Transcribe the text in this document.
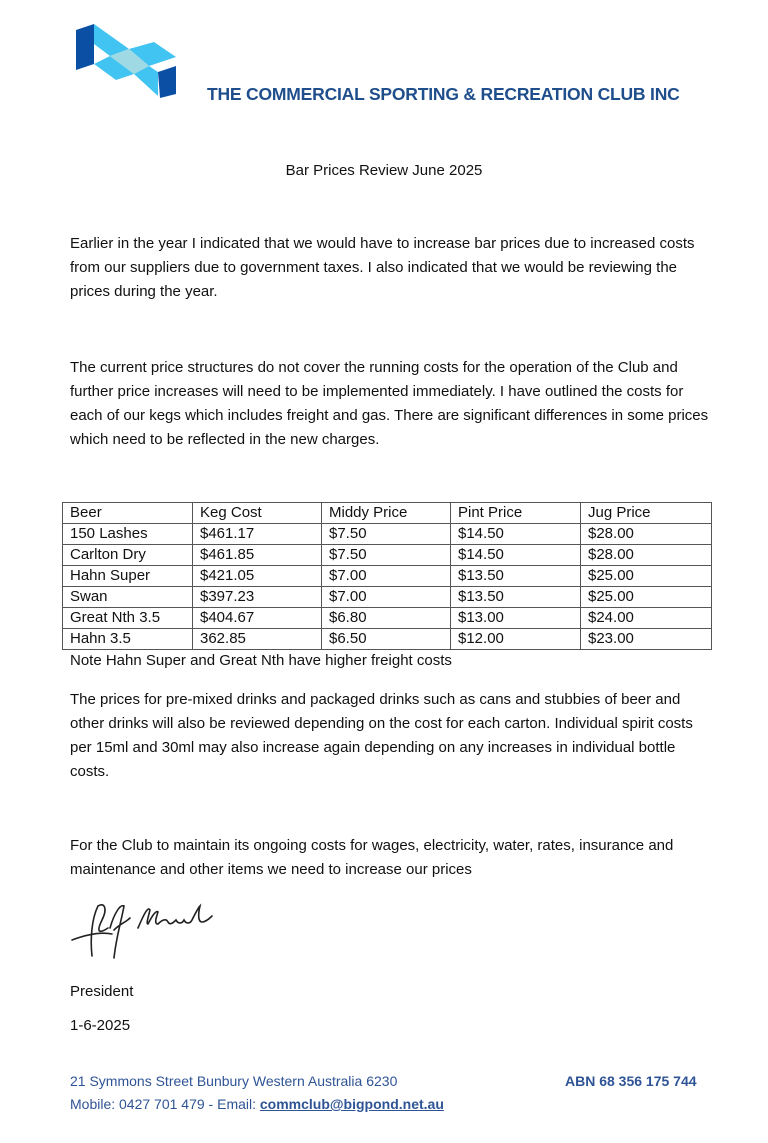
THE COMMERCIAL SPORTING & RECREATION CLUB INC
Bar Prices Review June 2025
Earlier in the year I indicated that we would have to increase bar prices due to increased costs from our suppliers due to government taxes. I also indicated that we would be reviewing the prices during the year.
The current price structures do not cover the running costs for the operation of the Club and further price increases will need to be implemented immediately. I have outlined the costs for each of our kegs which includes freight and gas. There are significant differences in some prices which need to be reflected in the new charges.
Beer	Keg Cost	Middy Price	Pint Price	Jug Price
150 Lashes	$461.17	$7.50	$14.50	$28.00
Carlton Dry	$461.85	$7.50	$14.50	$28.00
Hahn Super	$421.05	$7.00	$13.50	$25.00
Swan	$397.23	$7.00	$13.50	$25.00
Great Nth 3.5	$404.67	$6.80	$13.00	$24.00
Hahn 3.5	362.85	$6.50	$12.00	$23.00
Note Hahn Super and Great Nth have higher freight costs
The prices for pre-mixed drinks and packaged drinks such as cans and stubbies of beer and other drinks will also be reviewed depending on the cost for each carton. Individual spirit costs per 15ml and 30ml may also increase again depending on any increases in individual bottle costs.
For the Club to maintain its ongoing costs for wages, electricity, water, rates, insurance and maintenance and other items we need to increase our prices
President
1-6-2025
21 Symmons Street Bunbury Western Australia 6230
Mobile: 0427 701 479 - Email: commclub@bigpond.net.au
ABN 68 356 175 744
